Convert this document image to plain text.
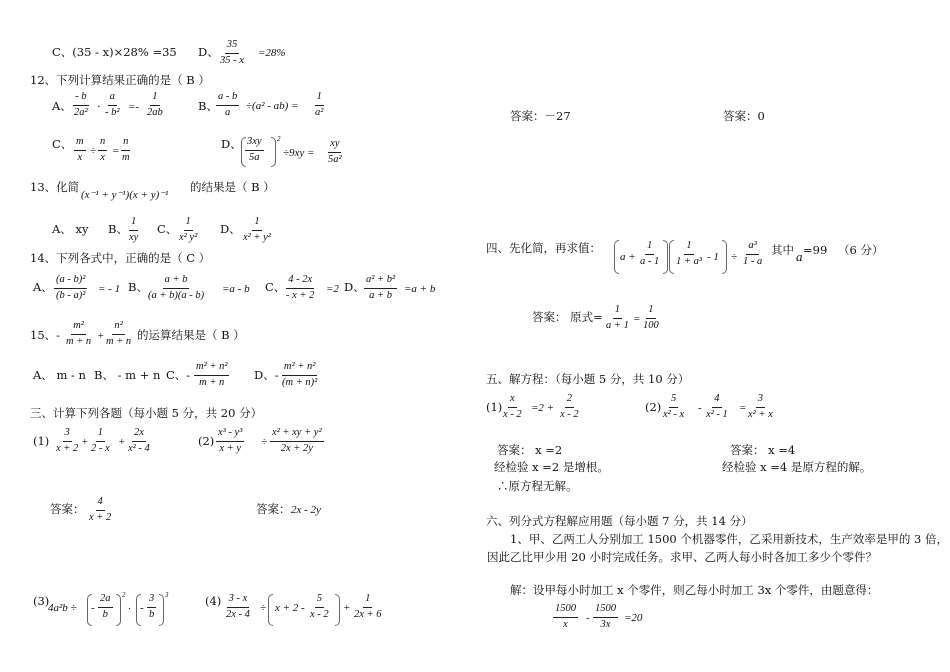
C、(35 - x)×28% =35 D、 $\frac{35}{35 - x} =28\%$
12、下列计算结果正确的是（ B ）
A、 $\frac{- b}{\text{2a²}} \cdot \frac{a}{\text{- b²}} =- \frac{1}{2ab}$	B、
$\frac{a - b}{a} \div(a^2 - ab) = \frac{1}{\text{a²}}$
C、 $\frac{m}{x} \div \frac{n}{x} = \frac{n}{m}$	D、 $\frac{3xy}{5a} 2$
$\div 9xy = \frac{xy}{\text{5a²}}$
13、化简
(x⁻¹ + y⁻¹)(x + y)⁻¹
的结果是（ B ）
A、 xy B、 $\frac{1}{xy}$ C、 $\frac{1}{\text{x² y²}}$ D、 $\frac{1}{\text{x² + y²}}$
14、下列各式中，正确的是（ C ）
A、 $\frac{\text{(a - b)²}}{\text{(b - a)²}}$ = - 1 B、
$\frac{a + b}{(a + b)(a - b)} =a - b$ C、
$\frac{4 - 2x}{- x + 2} =2$ D、 $\frac{\text{a² + b²}}{a + b} =a + b$
15、- $\frac{\text{m²}}{m + n} + \frac{\text{n²}}{m + n}$ 的运算结果是（ B ）
A、 m - n B、 - m + n C、- $\frac{\text{m² + n²}}{m + n}$ D、- $\frac{\text{m² + n²}}{\text{(m + n)²}}$
三、计算下列各题（每小题 5 分，共 20 分）
$(1) \frac{3}{x + 2} + \frac{1}{2 - x} + \frac{2x}{\text{x² - 4}}$	$(2) \frac{\text{x³ - y³}}{x + y} \div \frac{\text{x² + xy + y²}}{2x + 2y}$
答案： $\frac{4}{x + 2}$	答案： 2x - 2y
(3)
4a²b ÷ - $\frac{2a}{b} 2$
· - $\frac{3}{b} 3$	$(4) \frac{3 - x}{2x - 4} \div x + 2 - \frac{5}{x - 2} + \frac{1}{2x + 6}$
答案：－27	答案：0
四、先化简，再求值：
$a + \frac{1}{a - 1} \frac{1}{\text{1 + a³}} - 1 \div \frac{\text{a³}}{1 - a}$ 其中 a =99 （6 分）
答案： 原式= $\frac{1}{a + 1} = \frac{1}{100}$
五、解方程：（每小题 5 分，共 10 分）
(1)
$\frac{x}{x - 2} =2 + \frac{2}{x - 2}$	$(2) \frac{5}{\text{x² - x}} - \frac{4}{\text{x² - 1}} = \frac{3}{\text{x² + x}}$
答案： x =2
经检验 x =2 是增根。
∴原方程无解。
答案： x =4
经检验 x =4 是原方程的解。
六、列分式方程解应用题（每小题 7 分，共 14 分）
1、甲、乙两工人分别加工 1500 个机器零件，乙采用新技术，生产效率是甲的 3 倍，
因此乙比甲少用 20 小时完成任务。求甲、乙两人每小时各加工多少个零件？
解：设甲每小时加工 x 个零件，则乙每小时加工 3x 个零件，由题意得：
$\frac{1500}{x} - \frac{1500}{3x} =20$
